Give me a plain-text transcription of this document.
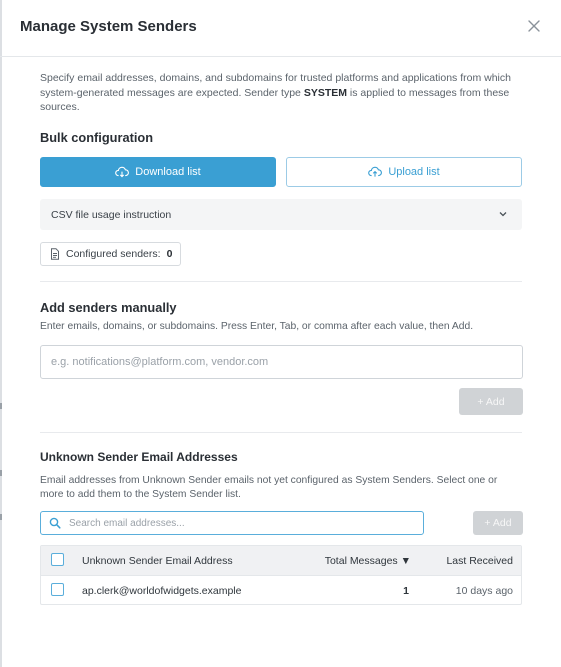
Manage System Senders
Specify email addresses, domains, and subdomains for trusted platforms and applications from which system-generated messages are expected. Sender type SYSTEM is applied to messages from these sources.
Bulk configuration
Download list	Upload list
CSV file usage instruction
Configured senders: 0
Add senders manually
Enter emails, domains, or subdomains. Press Enter, Tab, or comma after each value, then Add.
e.g. notifications@platform.com, vendor.com
+ Add
Unknown Sender Email Addresses
Email addresses from Unknown Sender emails not yet configured as System Senders. Select one or more to add them to the System Sender list.
Search email addresses...
+ Add
Unknown Sender Email Address	Total Messages ▼	Last Received
ap.clerk@worldofwidgets.example	1	10 days ago
